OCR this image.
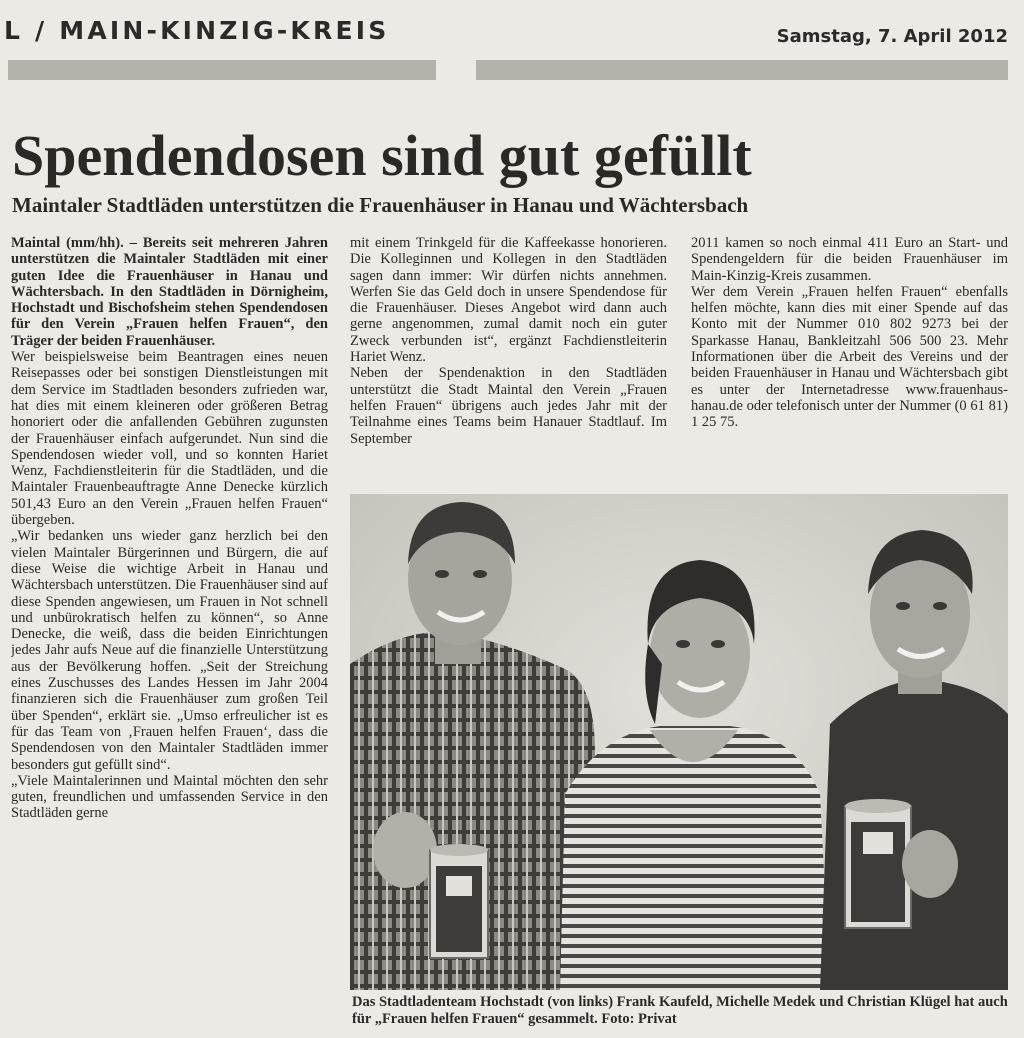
L / MAIN-KINZIG-KREIS	Samstag, 7. April 2012
Spendendosen sind gut gefüllt
Maintaler Stadtläden unterstützen die Frauenhäuser in Hanau und Wächtersbach

Maintal (mm/hh). – Bereits seit mehreren Jahren unterstützen die Maintaler Stadtläden mit einer guten Idee die Frauenhäuser in Hanau und Wächtersbach. In den Stadtläden in Dörnigheim, Hochstadt und Bischofsheim stehen Spendendosen für den Verein „Frauen helfen Frauen“, den Träger der beiden Frauenhäuser.

Wer beispielsweise beim Beantragen eines neuen Reisepasses oder bei sonstigen Dienstleistungen mit dem Service im Stadtladen besonders zufrieden war, hat dies mit einem kleineren oder größeren Betrag honoriert oder die anfallenden Gebühren zugunsten der Frauenhäuser einfach aufgerundet. Nun sind die Spendendosen wieder voll, und so konnten Hariet Wenz, Fachdienstleiterin für die Stadtläden, und die Maintaler Frauenbeauftragte Anne Denecke kürzlich 501,43 Euro an den Verein „Frauen helfen Frauen“ übergeben.

„Wir bedanken uns wieder ganz herzlich bei den vielen Maintaler Bürgerinnen und Bürgern, die auf diese Weise die wichtige Arbeit in Hanau und Wächtersbach unterstützen. Die Frauenhäuser sind auf diese Spenden angewiesen, um Frauen in Not schnell und unbürokratisch helfen zu können“, so Anne Denecke, die weiß, dass die beiden Einrichtungen jedes Jahr aufs Neue auf die finanzielle Unterstützung aus der Bevölkerung hoffen. „Seit der Streichung eines Zuschusses des Landes Hessen im Jahr 2004 finanzieren sich die Frauenhäuser zum großen Teil über Spenden“, erklärt sie. „Umso erfreulicher ist es für das Team von ‚Frauen helfen Frauen‘, dass die Spendendosen von den Maintaler Stadtläden immer besonders gut gefüllt sind“.

„Viele Maintalerinnen und Maintal möchten den sehr guten, freundlichen und umfassenden Service in den Stadtläden gerne

mit einem Trinkgeld für die Kaffeekasse honorieren. Die Kolleginnen und Kollegen in den Stadtläden sagen dann immer: Wir dürfen nichts annehmen. Werfen Sie das Geld doch in unsere Spendendose für die Frauenhäuser. Dieses Angebot wird dann auch gerne angenommen, zumal damit noch ein guter Zweck verbunden ist“, ergänzt Fachdienstleiterin Hariet Wenz.

Neben der Spendenaktion in den Stadtläden unterstützt die Stadt Maintal den Verein „Frauen helfen Frauen“ übrigens auch jedes Jahr mit der Teilnahme eines Teams beim Hanauer Stadtlauf. Im September

2011 kamen so noch einmal 411 Euro an Start- und Spendengeldern für die beiden Frauenhäuser im Main-Kinzig-Kreis zusammen.

Wer dem Verein „Frauen helfen Frauen“ ebenfalls helfen möchte, kann dies mit einer Spende auf das Konto mit der Nummer 010 802 9273 bei der Sparkasse Hanau, Bankleitzahl 506 500 23. Mehr Informationen über die Arbeit des Vereins und der beiden Frauenhäuser in Hanau und Wächtersbach gibt es unter der Internetadresse www.frauenhaus-hanau.de oder telefonisch unter der Nummer (0 61 81) 1 25 75.

Das Stadtladenteam Hochstadt (von links) Frank Kaufeld, Michelle Medek und Christian Klügel hat auch für „Frauen helfen Frauen“ gesammelt. Foto: Privat
